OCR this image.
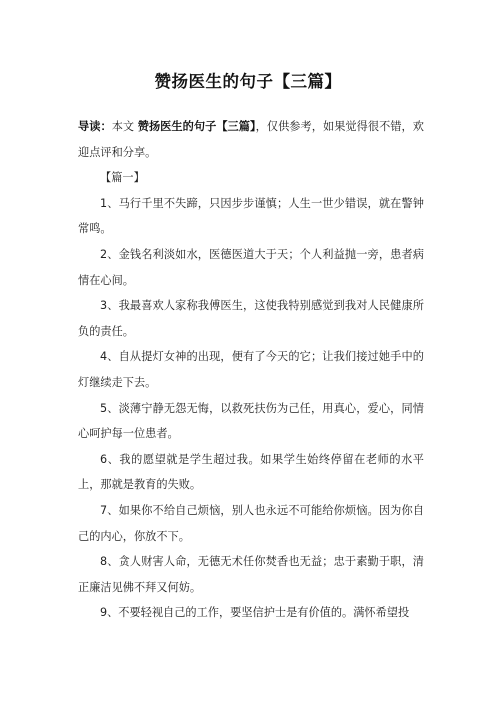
赞扬医生的句子【三篇】

导读：本文 赞扬医生的句子【三篇】，仅供参考，如果觉得很不错，欢迎点评和分享。

【篇一】

1、马行千里不失蹄，只因步步谨慎；人生一世少错误，就在警钟常鸣。

2、金钱名利淡如水，医德医道大于天；个人利益抛一旁，患者病情在心间。

3、我最喜欢人家称我傅医生，这使我特别感觉到我对人民健康所负的责任。

4、自从提灯女神的出现，便有了今天的它；让我们接过她手中的灯继续走下去。

5、淡薄宁静无怨无悔，以救死扶伤为己任，用真心，爱心，同情心呵护每一位患者。

6、我的愿望就是学生超过我。如果学生始终停留在老师的水平上，那就是教育的失败。

7、如果你不给自己烦恼，别人也永远不可能给你烦恼。因为你自己的内心，你放不下。

8、贪人财害人命，无德无术任你焚香也无益；忠于素勤于职，清正廉洁见佛不拜又何妨。

9、不要轻视自己的工作，要坚信护士是有价值的。满怀希望投
